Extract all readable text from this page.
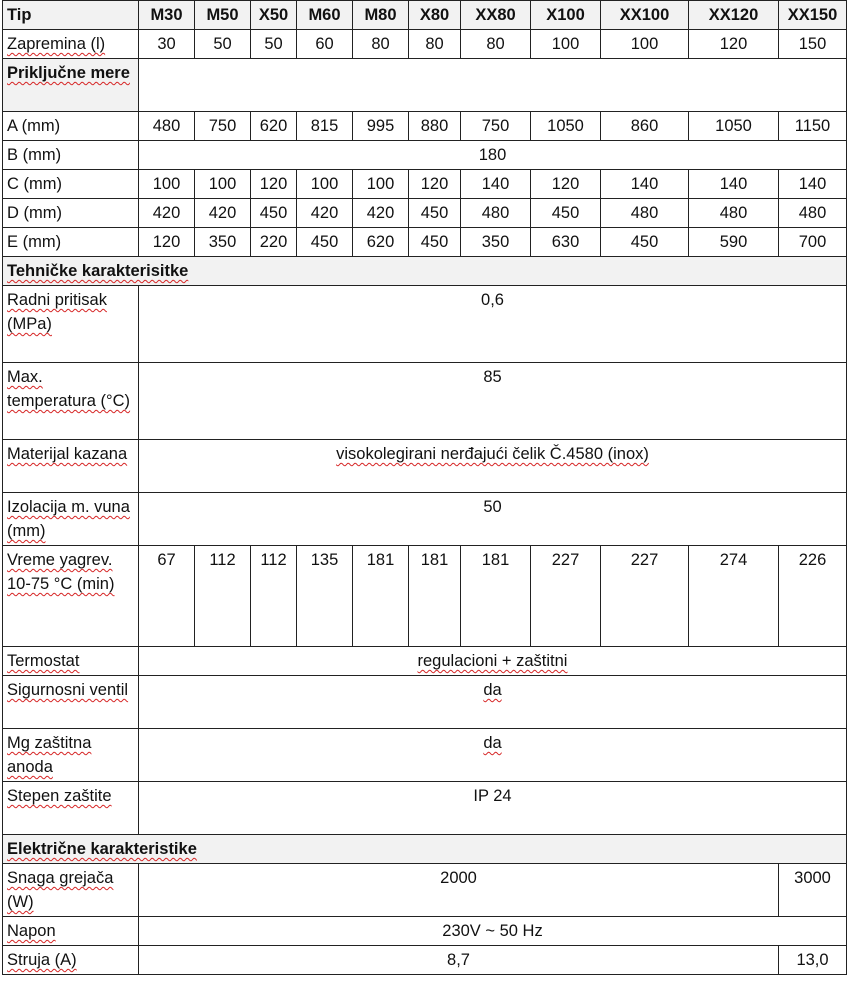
Tip	M30	M50	X50	M60	M80	X80	XX80	X100	XX100	XX120	XX150
Zapremina (l)	30	50	50	60	80	80	80	100	100	120	150
Priključne mere											
A (mm)	480	750	620	815	995	880	750	1050	860	1050	1150
B (mm)	180										
C (mm)	100	100	120	100	100	120	140	120	140	140	140
D (mm)	420	420	450	420	420	450	480	450	480	480	480
E (mm)	120	350	220	450	620	450	350	630	450	590	700
Tehničke karakterisitke											
Radni pritisak (MPa)	0,6										
Max. temperatura (°C)	85										
Materijal kazana	visokolegirani nerđajući čelik Č.4580 (inox)										
Izolacija m. vuna (mm)	50										
Vreme yagrev. 10-75 °C (min)	67	112	112	135	181	181	181	227	227	274	226
Termostat	regulacioni + zaštitni										
Sigurnosni ventil	da										
Mg zaštitna anoda	da										
Stepen zaštite	IP 24										
Električne karakteristike											
Snaga grejača (W)	2000										3000
Napon	230V ~ 50 Hz										
Struja (A)	8,7										13,0
